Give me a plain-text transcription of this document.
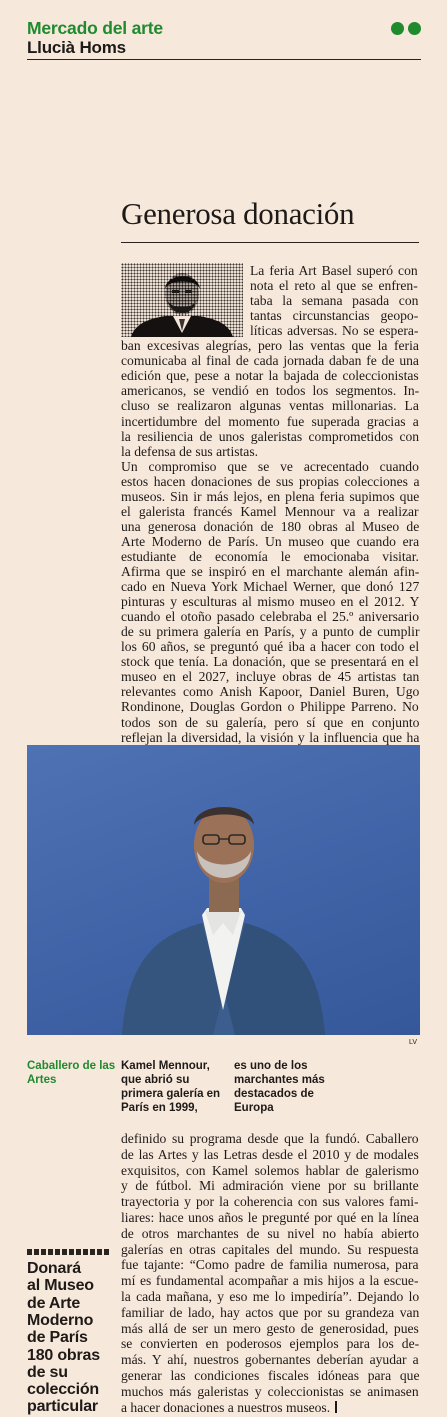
Mercado del arte
Llucià Homs
Generosa donación
La feria Art Basel superó con
nota el reto al que se enfren-
taba la semana pasada con
tantas circunstancias geopo-
líticas adversas. No se espera-
ban excesivas alegrías, pero las ventas que la feria
comunicaba al final de cada jornada daban fe de una
edición que, pese a notar la bajada de coleccionistas
americanos, se vendió en todos los segmentos. In-
cluso se realizaron algunas ventas millonarias. La
incertidumbre del momento fue superada gracias a
la resiliencia de unos galeristas comprometidos con
la defensa de sus artistas.
Un compromiso que se ve acrecentado cuando
estos hacen donaciones de sus propias colecciones a
museos. Sin ir más lejos, en plena feria supimos que
el galerista francés Kamel Mennour va a realizar
una generosa donación de 180 obras al Museo de
Arte Moderno de París. Un museo que cuando era
estudiante de economía le emocionaba visitar.
Afirma que se inspiró en el marchante alemán afin-
cado en Nueva York Michael Werner, que donó 127
pinturas y esculturas al mismo museo en el 2012. Y
cuando el otoño pasado celebraba el 25.º aniversario
de su primera galería en París, y a punto de cumplir
los 60 años, se preguntó qué iba a hacer con todo el
stock que tenía. La donación, que se presentará en el
museo en el 2027, incluye obras de 45 artistas tan
relevantes como Anish Kapoor, Daniel Buren, Ugo
Rondinone, Douglas Gordon o Philippe Parreno. No
todos son de su galería, pero sí que en conjunto
reflejan la diversidad, la visión y la influencia que ha
LV
Caballero de las Artes
Kamel Mennour, que abrió su primera galería en París en 1999,
es uno de los marchantes más destacados de Europa
definido su programa desde que la fundó. Caballero
de las Artes y las Letras desde el 2010 y de modales
exquisitos, con Kamel solemos hablar de galerismo
y de fútbol. Mi admiración viene por su brillante
trayectoria y por la coherencia con sus valores fami-
liares: hace unos años le pregunté por qué en la línea
de otros marchantes de su nivel no había abierto
galerías en otras capitales del mundo. Su respuesta
fue tajante: “Como padre de familia numerosa, para
mí es fundamental acompañar a mis hijos a la escue-
la cada mañana, y eso me lo impediría”. Dejando lo
familiar de lado, hay actos que por su grandeza van
más allá de ser un mero gesto de generosidad, pues
se convierten en poderosos ejemplos para los de-
más. Y ahí, nuestros gobernantes deberían ayudar a
generar las condiciones fiscales idóneas para que
muchos más galeristas y coleccionistas se animasen
a hacer donaciones a nuestros museos.
Donará
al Museo
de Arte
Moderno
de París
180 obras
de su
colección
particular
